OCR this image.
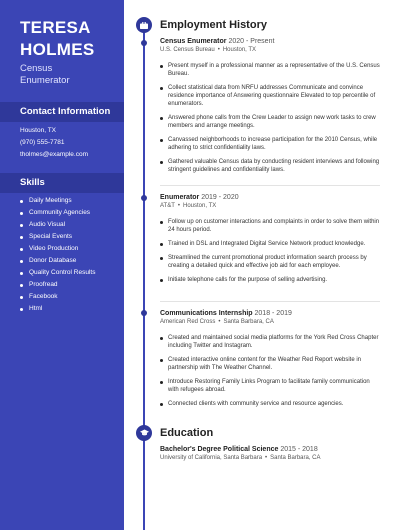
TERESA
HOLMES
Census
Enumerator
Contact Information
Houston, TX
(970) 555-7781
tholmes@example.com
Skills
Daily Meetings
Community Agencies
Audio Visual
Special Events
Video Production
Donor Database
Quality Control Results
Proofread
Facebook
Html
Employment History
Census Enumerator 2020 - Present
U.S. Census Bureau • Houston, TX
Present myself in a professional manner as a representative of the U.S. Census Bureau.
Collect statistical data from NRFU addresses Communicate and convince residence importance of Answering questionnaire Elevated to top percentile of enumerators.
Answered phone calls from the Crew Leader to assign new work tasks to crew members and arrange meetings.
Canvassed neighborhoods to increase participation for the 2010 Census, while adhering to strict confidentiality laws.
Gathered valuable Census data by conducting resident interviews and following stringent guidelines and confidentiality laws.
Enumerator 2019 - 2020
AT&T • Houston, TX
Follow up on customer interactions and complaints in order to solve them within 24 hours period.
Trained in DSL and Integrated Digital Service Network product knowledge.
Streamlined the current promotional product information search process by creating a detailed quick and effective job aid for each employee.
Initiate telephone calls for the purpose of selling advertising.
Communications Internship 2018 - 2019
American Red Cross • Santa Barbara, CA
Created and maintained social media platforms for the York Red Cross Chapter including Twitter and Instagram.
Created interactive online content for the Weather Red Report website in partnership with The Weather Channel.
Introduce Restoring Family Links Program to facilitate family communication with refugees abroad.
Connected clients with community service and resource agencies.
Education
Bachelor's Degree Political Science 2015 - 2018
University of California, Santa Barbara • Santa Barbara, CA
